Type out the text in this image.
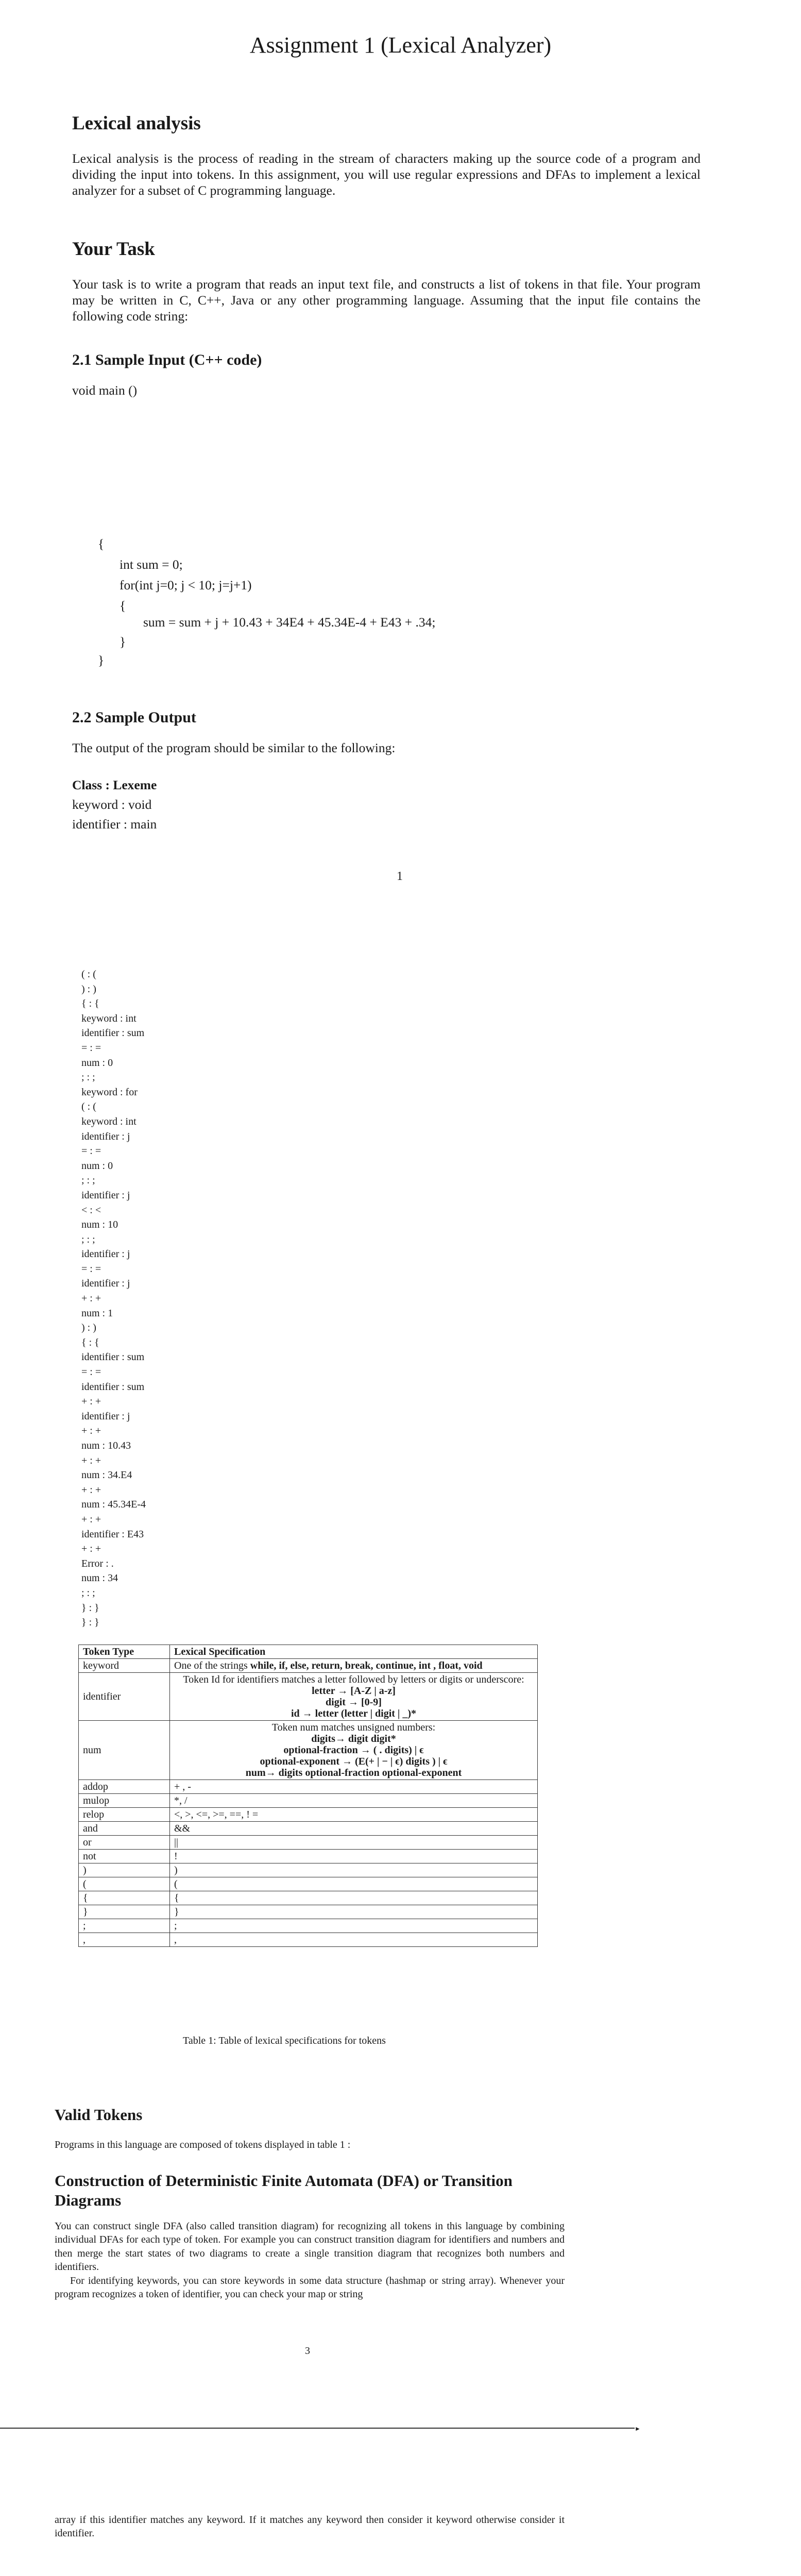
Assignment 1 (Lexical Analyzer)
Lexical analysis
Lexical analysis is the process of reading in the stream of characters making up the source code of a program and dividing the input into tokens. In this assignment, you will use regular expressions and DFAs to implement a lexical analyzer for a subset of C programming language.
Your Task
Your task is to write a program that reads an input text file, and constructs a list of tokens in that file. Your program may be written in C, C++, Java or any other programming language. Assuming that the input file contains the following code string:
2.1 Sample Input (C++ code)
void main ()
{
int sum = 0;
for(int j=0; j < 10; j=j+1)
{
sum = sum + j + 10.43 + 34E4 + 45.34E-4 + E43 + .34;
}
}
2.2 Sample Output
The output of the program should be similar to the following:
Class : Lexeme
keyword : void
identifier : main
1
( : (
) : )
{ : {
keyword : int
identifier : sum
= : =
num : 0
; : ;
keyword : for
( : (
keyword : int
identifier : j
= : =
num : 0
; : ;
identifier : j
< : <
num : 10
; : ;
identifier : j
= : =
identifier : j
+ : +
num : 1
) : )
{ : {
identifier : sum
= : =
identifier : sum
+ : +
identifier : j
+ : +
num : 10.43
+ : +
num : 34.E4
+ : +
num : 45.34E-4
+ : +
identifier : E43
+ : +
Error : .
num : 34
; : ;
} : }
} : }
Token Type	Lexical Specification
keyword	One of the strings while, if, else, return, break, continue, int , float, void
identifier	Token Id for identifiers matches a letter followed by letters or digits or underscore:
letter → [A-Z | a-z]
digit → [0-9]
id → letter (letter | digit | _)*

num	Token num matches unsigned numbers:
digits→ digit digit*
optional-fraction → ( . digits) | ϵ
optional-exponent → (E(+ | − | ϵ) digits ) | ϵ
num→ digits optional-fraction optional-exponent

addop	+ , -
mulop	*, /
relop	<, >, <=, >=, ==, ! =
and	&&
or	||
not	!
)	)
(	(
{	{
}	}
;	;
,	,
Table 1: Table of lexical specifications for tokens
Valid Tokens
Programs in this language are composed of tokens displayed in table 1 :
Construction of Deterministic Finite Automata (DFA) or Transition Diagrams
You can construct single DFA (also called transition diagram) for recognizing all tokens in this language by combining individual DFAs for each type of token. For example you can construct transition diagram for identifiers and numbers and then merge the start states of two diagrams to create a single transition diagram that recognizes both numbers and identifiers.
For identifying keywords, you can store keywords in some data structure (hashmap or string array). Whenever your program recognizes a token of identifier, you can check your map or string
3
►
array if this identifier matches any keyword. If it matches any keyword then consider it keyword otherwise consider it identifier.
